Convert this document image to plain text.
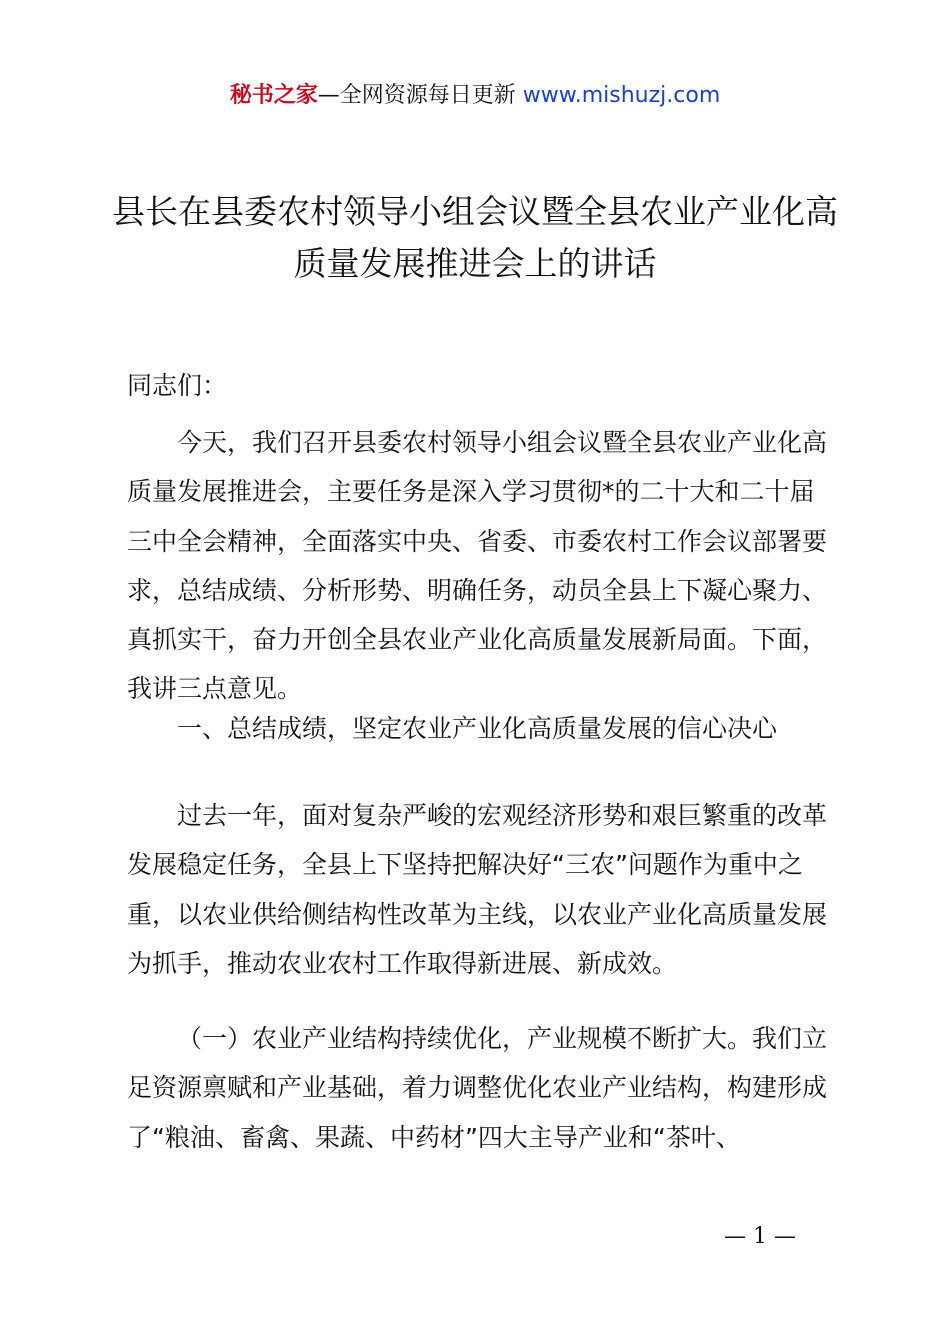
秘书之家—全网资源每日更新 www.mishuzj.com
县长在县委农村领导小组会议暨全县农业产业化高质量发展推进会上的讲话
同志们：
今天，我们召开县委农村领导小组会议暨全县农业产业化高质量发展推进会，主要任务是深入学习贯彻*的二十大和二十届三中全会精神，全面落实中央、省委、市委农村工作会议部署要求，总结成绩、分析形势、明确任务，动员全县上下凝心聚力、真抓实干，奋力开创全县农业产业化高质量发展新局面。下面，我讲三点意见。
一、总结成绩，坚定农业产业化高质量发展的信心决心
过去一年，面对复杂严峻的宏观经济形势和艰巨繁重的改革发展稳定任务，全县上下坚持把解决好“三农”问题作为重中之重，以农业供给侧结构性改革为主线，以农业产业化高质量发展为抓手，推动农业农村工作取得新进展、新成效。
（一）农业产业结构持续优化，产业规模不断扩大。我们立足资源禀赋和产业基础，着力调整优化农业产业结构，构建形成了“粮油、畜禽、果蔬、中药材”四大主导产业和“茶叶、
— 1 —
